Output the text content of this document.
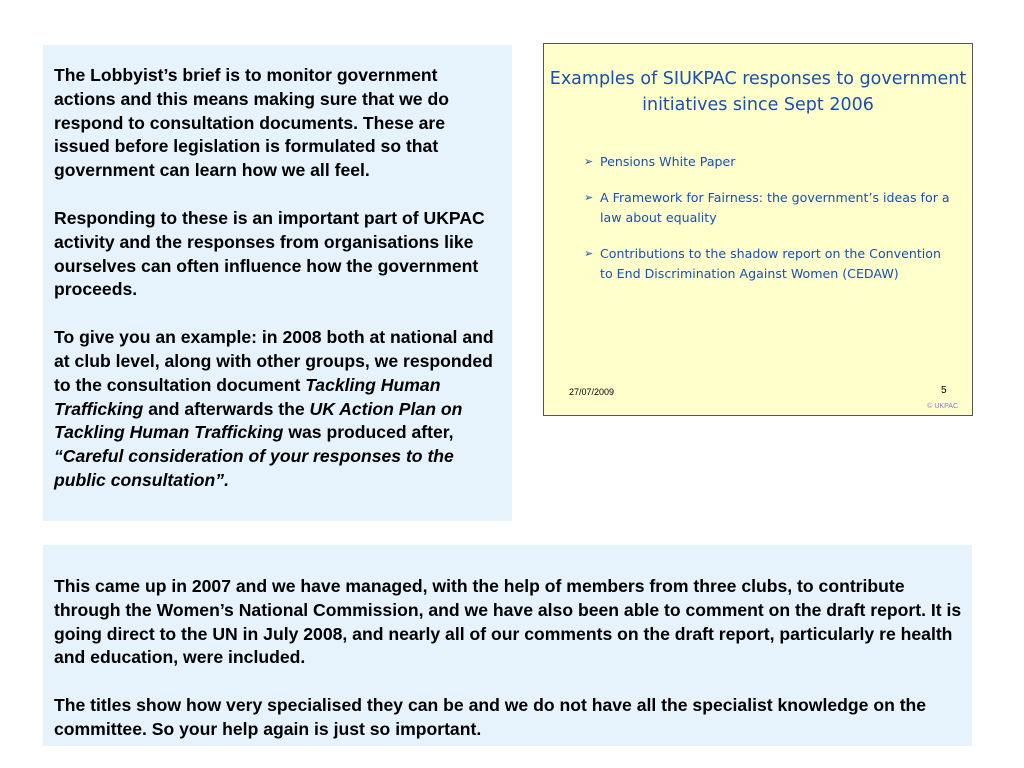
The Lobbyist’s brief is to monitor government actions and this means making sure that we do respond to consultation documents. These are issued before legislation is formulated so that government can learn how we all feel.

Responding to these is an important part of UKPAC activity and the responses from organisations like ourselves can often influence how the government proceeds.

To give you an example: in 2008 both at national and at club level, along with other groups, we responded to the consultation document Tackling Human Trafficking and afterwards the UK Action Plan on Tackling Human Trafficking was produced after, “Careful consideration of your responses to the public consultation”.

Examples of SIUKPAC responses to government initiatives since Sept 2006
➢ Pensions White Paper
➢ A Framework for Fairness: the government’s ideas for a law about equality
➢ Contributions to the shadow report on the Convention to End Discrimination Against Women (CEDAW)
27/07/2009	5
© UKPAC

This came up in 2007 and we have managed, with the help of members from three clubs, to contribute through the Women’s National Commission, and we have also been able to comment on the draft report. It is going direct to the UN in July 2008, and nearly all of our comments on the draft report, particularly re health and education, were included.

The titles show how very specialised they can be and we do not have all the specialist knowledge on the committee. So your help again is just so important.
